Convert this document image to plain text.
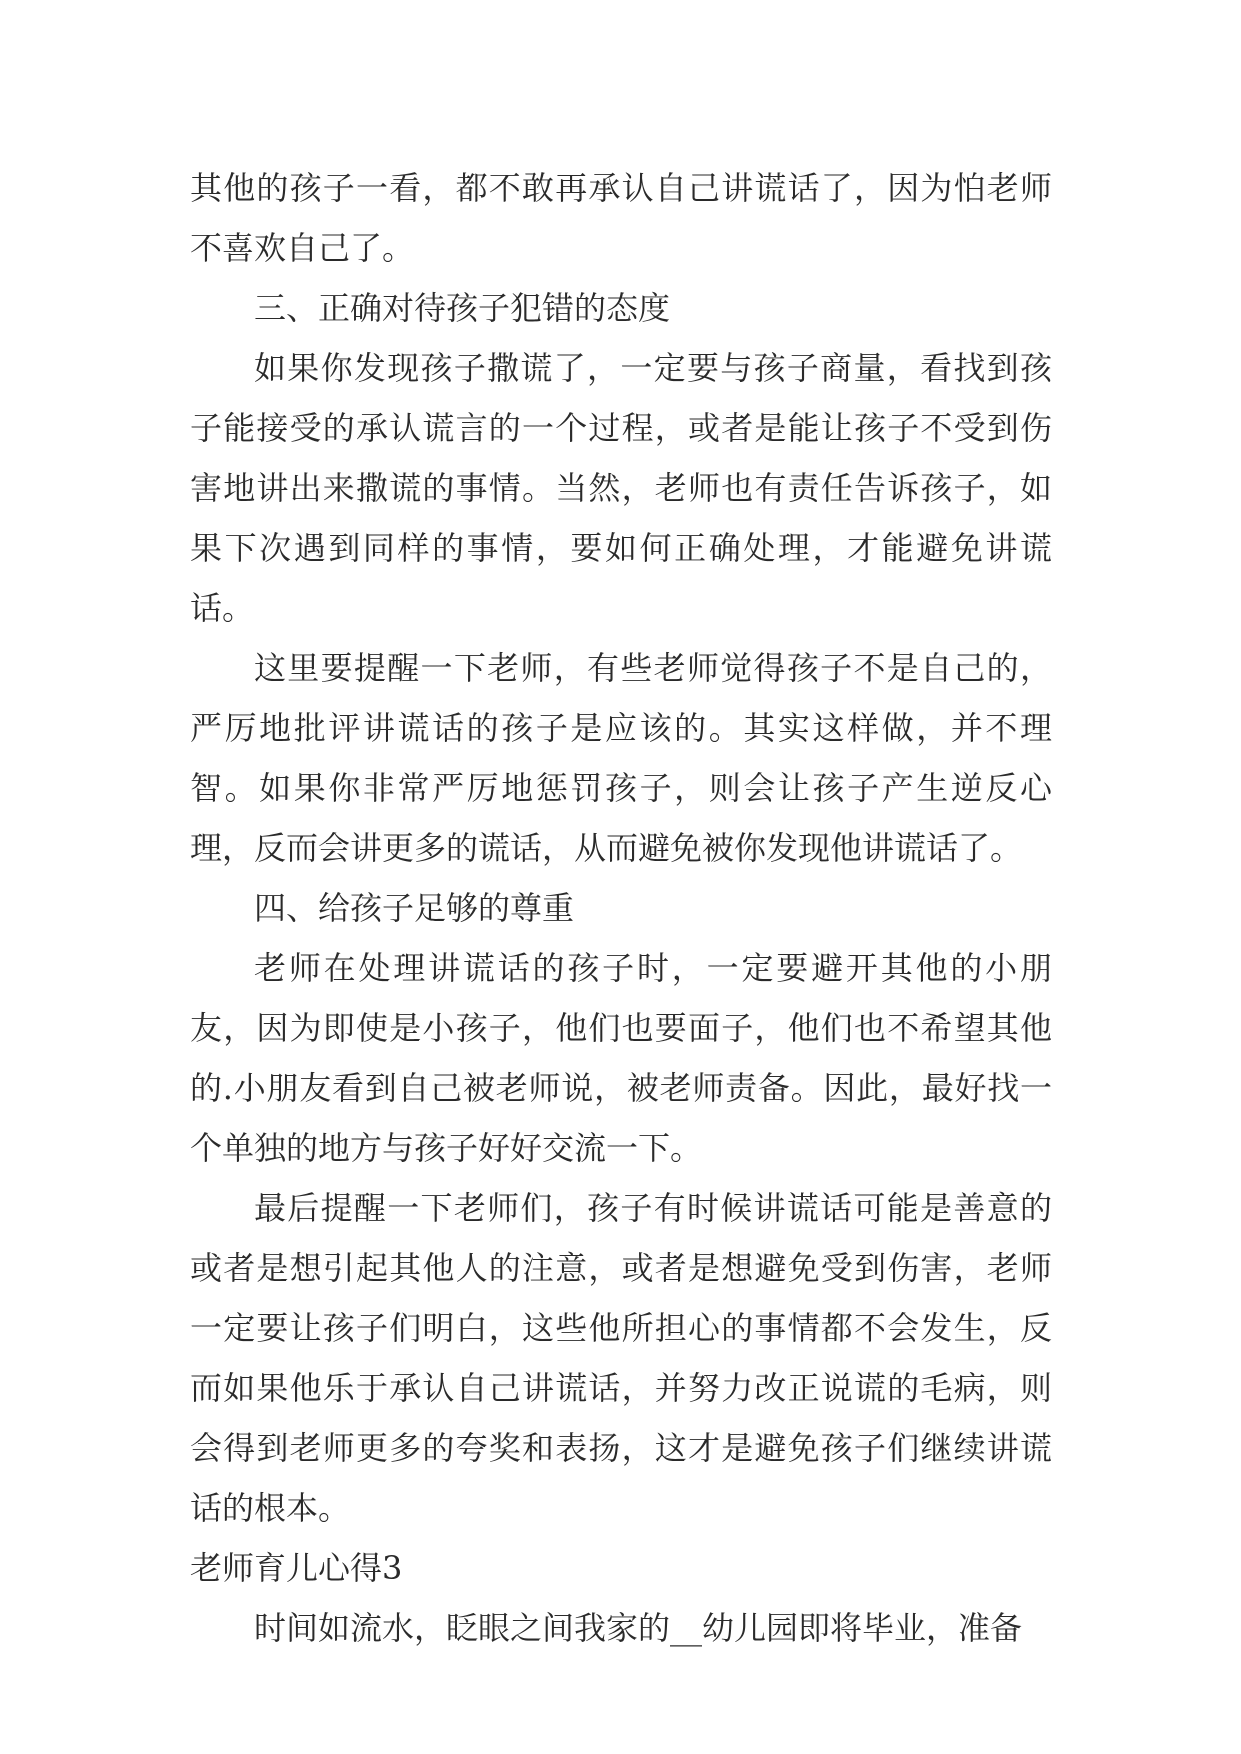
其他的孩子一看，都不敢再承认自己讲谎话了，因为怕老师不喜欢自己了。

三、正确对待孩子犯错的态度

如果你发现孩子撒谎了，一定要与孩子商量，看找到孩子能接受的承认谎言的一个过程，或者是能让孩子不受到伤害地讲出来撒谎的事情。当然，老师也有责任告诉孩子，如果下次遇到同样的事情，要如何正确处理，才能避免讲谎话。

这里要提醒一下老师，有些老师觉得孩子不是自己的，严厉地批评讲谎话的孩子是应该的。其实这样做，并不理智。如果你非常严厉地惩罚孩子，则会让孩子产生逆反心理，反而会讲更多的谎话，从而避免被你发现他讲谎话了。

四、给孩子足够的尊重

老师在处理讲谎话的孩子时，一定要避开其他的小朋友，因为即使是小孩子，他们也要面子，他们也不希望其他的.小朋友看到自己被老师说，被老师责备。因此，最好找一个单独的地方与孩子好好交流一下。

最后提醒一下老师们，孩子有时候讲谎话可能是善意的或者是想引起其他人的注意，或者是想避免受到伤害，老师一定要让孩子们明白，这些他所担心的事情都不会发生，反而如果他乐于承认自己讲谎话，并努力改正说谎的毛病，则会得到老师更多的夸奖和表扬，这才是避免孩子们继续讲谎话的根本。

老师育儿心得3

时间如流水，眨眼之间我家的__幼儿园即将毕业，准备
